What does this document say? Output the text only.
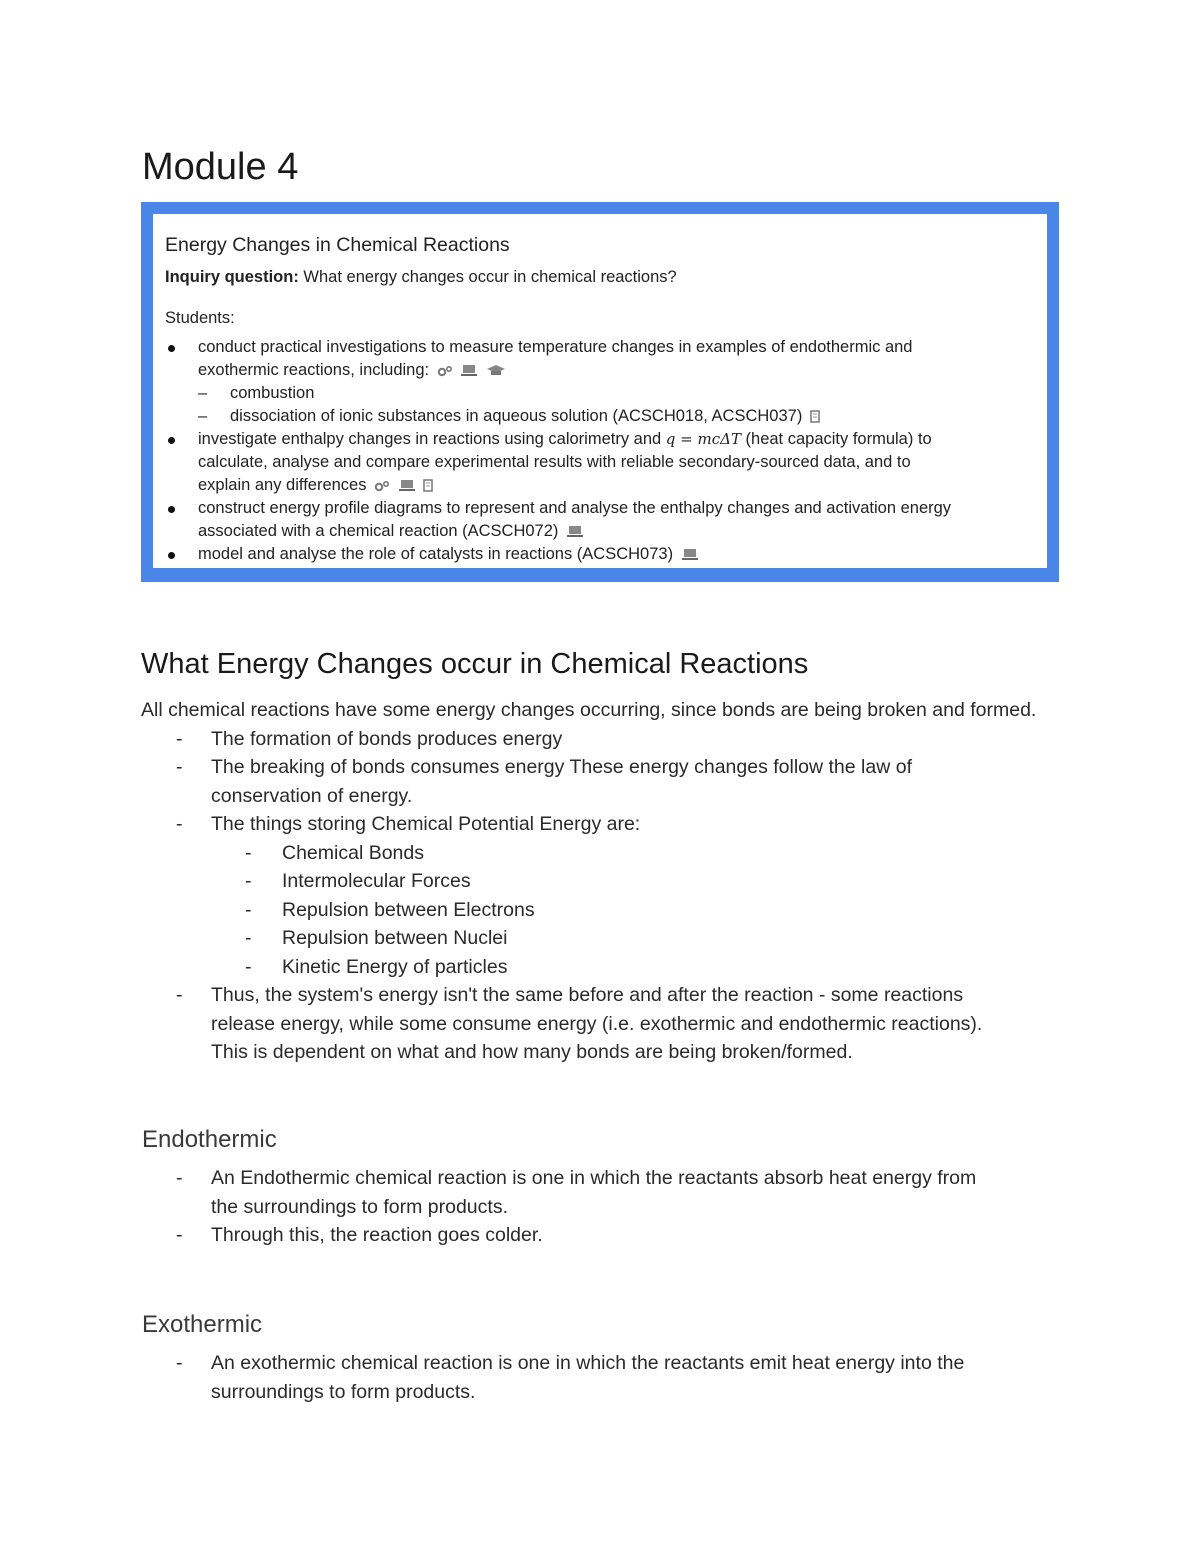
Module 4
Energy Changes in Chemical Reactions
Inquiry question: What energy changes occur in chemical reactions?
Students:
conduct practical investigations to measure temperature changes in examples of endothermic and
exothermic reactions, including:
– combustion
– dissociation of ionic substances in aqueous solution (ACSCH018, ACSCH037)
investigate enthalpy changes in reactions using calorimetry and q = mcΔT (heat capacity formula) to
calculate, analyse and compare experimental results with reliable secondary-sourced data, and to
explain any differences
construct energy profile diagrams to represent and analyse the enthalpy changes and activation energy
associated with a chemical reaction (ACSCH072)
model and analyse the role of catalysts in reactions (ACSCH073)
What Energy Changes occur in Chemical Reactions

All chemical reactions have some energy changes occurring, since bonds are being broken and formed.

- The formation of bonds produces energy
- The breaking of bonds consumes energy These energy changes follow the law of conservation of energy.
- The things storing Chemical Potential Energy are:
- Chemical Bonds
- Intermolecular Forces
- Repulsion between Electrons
- Repulsion between Nuclei
- Kinetic Energy of particles
- Thus, the system's energy isn't the same before and after the reaction - some reactions release energy, while some consume energy (i.e. exothermic and endothermic reactions). This is dependent on what and how many bonds are being broken/formed.
Endothermic
- An Endothermic chemical reaction is one in which the reactants absorb heat energy from the surroundings to form products.
- Through this, the reaction goes colder.
Exothermic
- An exothermic chemical reaction is one in which the reactants emit heat energy into the surroundings to form products.
